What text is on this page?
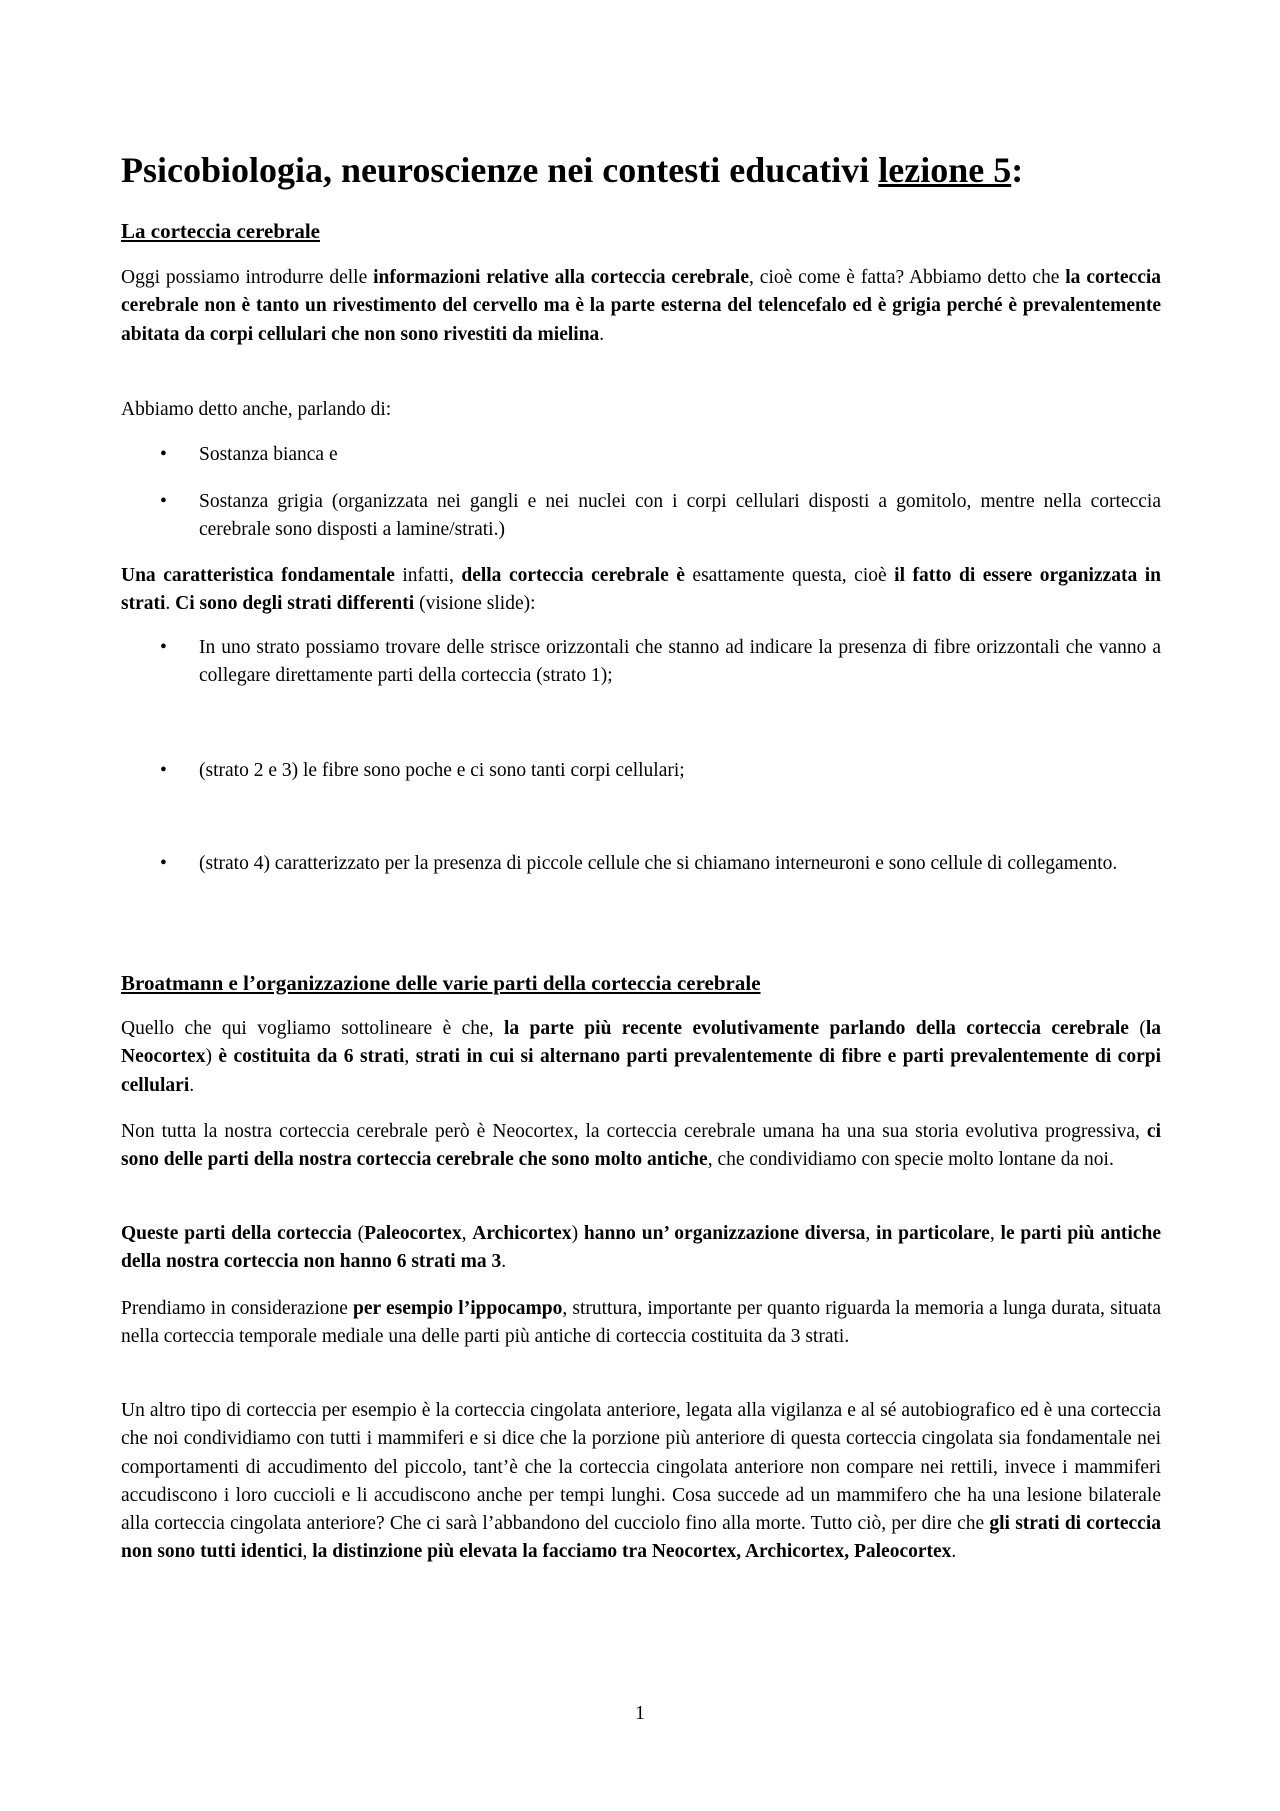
Psicobiologia, neuroscienze nei contesti educativi lezione 5:
La corteccia cerebrale

Oggi possiamo introdurre delle informazioni relative alla corteccia cerebrale, cioè come è fatta? Abbiamo detto che la corteccia cerebrale non è tanto un rivestimento del cervello ma è la parte esterna del telencefalo ed è grigia perché è prevalentemente abitata da corpi cellulari che non sono rivestiti da mielina.

Abbiamo detto anche, parlando di:

• Sostanza bianca e
• Sostanza grigia (organizzata nei gangli e nei nuclei con i corpi cellulari disposti a gomitolo, mentre nella corteccia cerebrale sono disposti a lamine/strati.)

Una caratteristica fondamentale infatti, della corteccia cerebrale è esattamente questa, cioè il fatto di essere organizzata in strati. Ci sono degli strati differenti (visione slide):

• In uno strato possiamo trovare delle strisce orizzontali che stanno ad indicare la presenza di fibre orizzontali che vanno a collegare direttamente parti della corteccia (strato 1);
• (strato 2 e 3) le fibre sono poche e ci sono tanti corpi cellulari;
• (strato 4) caratterizzato per la presenza di piccole cellule che si chiamano interneuroni e sono cellule di collegamento.
Broatmann e l’organizzazione delle varie parti della corteccia cerebrale

Quello che qui vogliamo sottolineare è che, la parte più recente evolutivamente parlando della corteccia cerebrale (la Neocortex) è costituita da 6 strati, strati in cui si alternano parti prevalentemente di fibre e parti prevalentemente di corpi cellulari.

Non tutta la nostra corteccia cerebrale però è Neocortex, la corteccia cerebrale umana ha una sua storia evolutiva progressiva, ci sono delle parti della nostra corteccia cerebrale che sono molto antiche, che condividiamo con specie molto lontane da noi.

Queste parti della corteccia (Paleocortex, Archicortex) hanno un’ organizzazione diversa, in particolare, le parti più antiche della nostra corteccia non hanno 6 strati ma 3.

Prendiamo in considerazione per esempio l’ippocampo, struttura, importante per quanto riguarda la memoria a lunga durata, situata nella corteccia temporale mediale una delle parti più antiche di corteccia costituita da 3 strati.

Un altro tipo di corteccia per esempio è la corteccia cingolata anteriore, legata alla vigilanza e al sé autobiografico ed è una corteccia che noi condividiamo con tutti i mammiferi e si dice che la porzione più anteriore di questa corteccia cingolata sia fondamentale nei comportamenti di accudimento del piccolo, tant’è che la corteccia cingolata anteriore non compare nei rettili, invece i mammiferi accudiscono i loro cuccioli e li accudiscono anche per tempi lunghi. Cosa succede ad un mammifero che ha una lesione bilaterale alla corteccia cingolata anteriore? Che ci sarà l’abbandono del cucciolo fino alla morte. Tutto ciò, per dire che gli strati di corteccia non sono tutti identici, la distinzione più elevata la facciamo tra Neocortex, Archicortex, Paleocortex.

1
